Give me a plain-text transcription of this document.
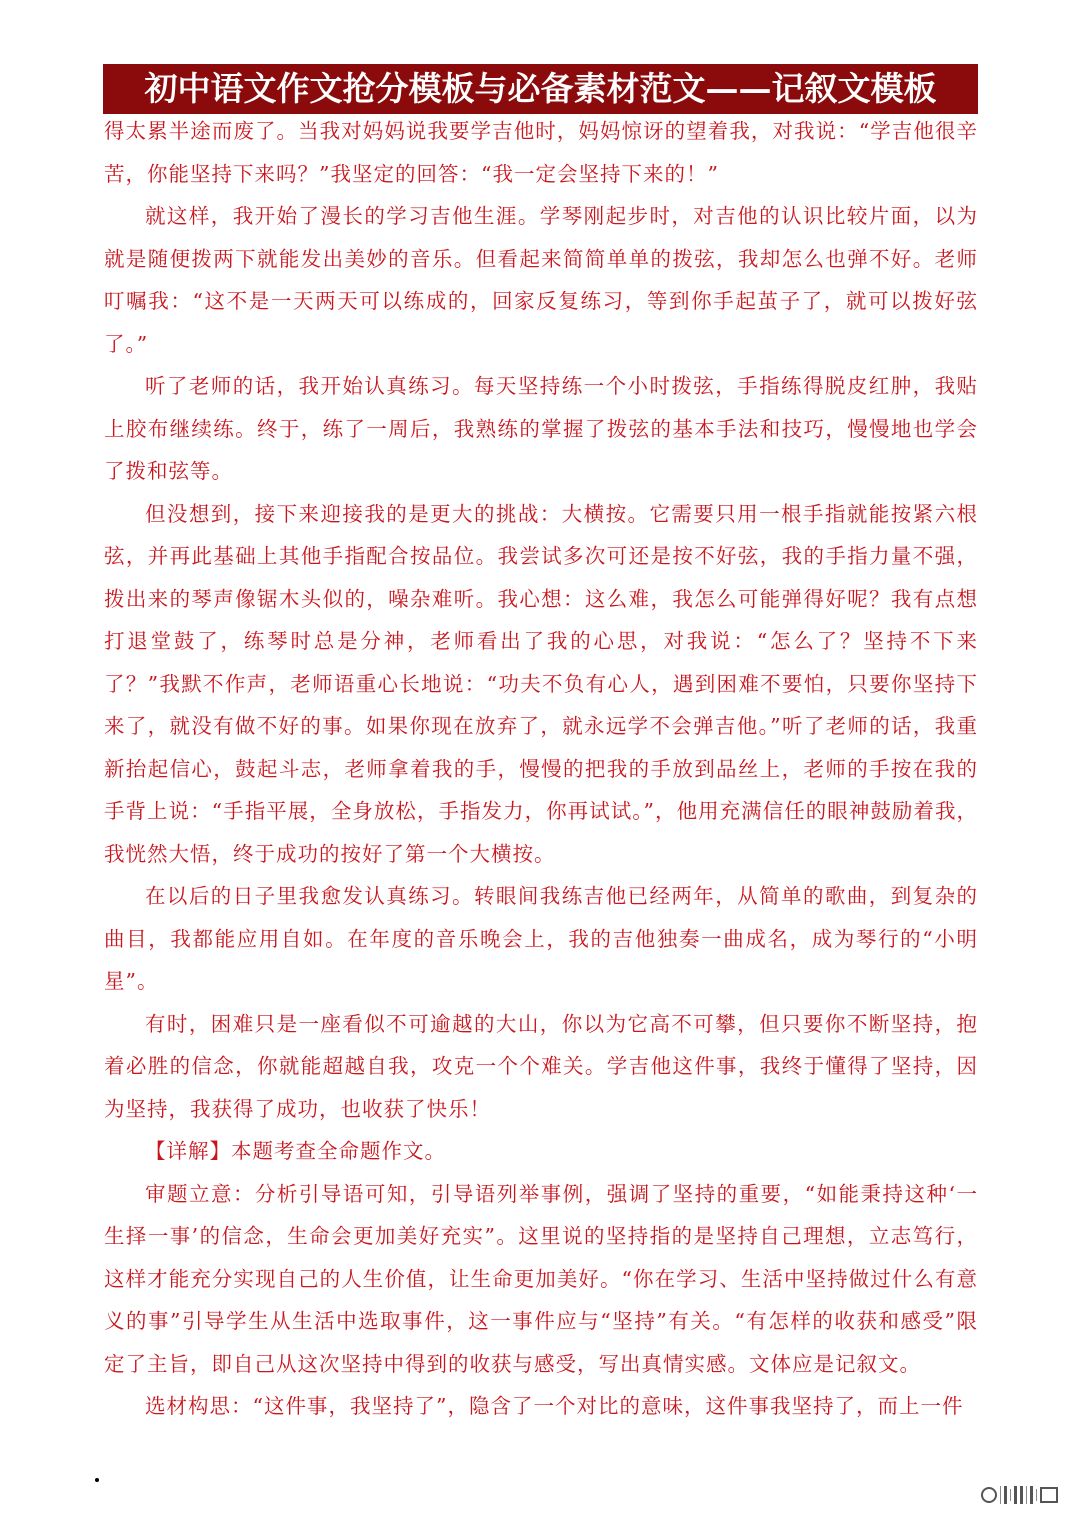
初中语文作文抢分模板与必备素材范文——记叙文模板

得太累半途而废了。当我对妈妈说我要学吉他时，妈妈惊讶的望着我，对我说：“学吉他很辛苦，你能坚持下来吗？”我坚定的回答：“我一定会坚持下来的！”

就这样，我开始了漫长的学习吉他生涯。学琴刚起步时，对吉他的认识比较片面，以为就是随便拨两下就能发出美妙的音乐。但看起来简简单单的拨弦，我却怎么也弹不好。老师叮嘱我：“这不是一天两天可以练成的，回家反复练习，等到你手起茧子了，就可以拨好弦了。”

听了老师的话，我开始认真练习。每天坚持练一个小时拨弦，手指练得脱皮红肿，我贴上胶布继续练。终于，练了一周后，我熟练的掌握了拨弦的基本手法和技巧，慢慢地也学会了拨和弦等。

但没想到，接下来迎接我的是更大的挑战：大横按。它需要只用一根手指就能按紧六根弦，并再此基础上其他手指配合按品位。我尝试多次可还是按不好弦，我的手指力量不强，拨出来的琴声像锯木头似的，噪杂难听。我心想：这么难，我怎么可能弹得好呢？我有点想打退堂鼓了，练琴时总是分神，老师看出了我的心思，对我说：“怎么了？坚持不下来了？”我默不作声，老师语重心长地说：“功夫不负有心人，遇到困难不要怕，只要你坚持下来了，就没有做不好的事。如果你现在放弃了，就永远学不会弹吉他。”听了老师的话，我重新抬起信心，鼓起斗志，老师拿着我的手，慢慢的把我的手放到品丝上，老师的手按在我的手背上说：“手指平展，全身放松，手指发力，你再试试。”，他用充满信任的眼神鼓励着我，我恍然大悟，终于成功的按好了第一个大横按。

在以后的日子里我愈发认真练习。转眼间我练吉他已经两年，从简单的歌曲，到复杂的曲目，我都能应用自如。在年度的音乐晚会上，我的吉他独奏一曲成名，成为琴行的“小明星”。

有时，困难只是一座看似不可逾越的大山，你以为它高不可攀，但只要你不断坚持，抱着必胜的信念，你就能超越自我，攻克一个个难关。学吉他这件事，我终于懂得了坚持，因为坚持，我获得了成功，也收获了快乐！

【详解】本题考查全命题作文。

审题立意：分析引导语可知，引导语列举事例，强调了坚持的重要，“如能秉持这种‘一生择一事’的信念，生命会更加美好充实”。这里说的坚持指的是坚持自己理想，立志笃行，这样才能充分实现自己的人生价值，让生命更加美好。“你在学习、生活中坚持做过什么有意义的事”引导学生从生活中选取事件，这一事件应与“坚持”有关。“有怎样的收获和感受”限定了主旨，即自己从这次坚持中得到的收获与感受，写出真情实感。文体应是记叙文。

选材构思：“这件事，我坚持了”，隐含了一个对比的意味，这件事我坚持了，而上一件
